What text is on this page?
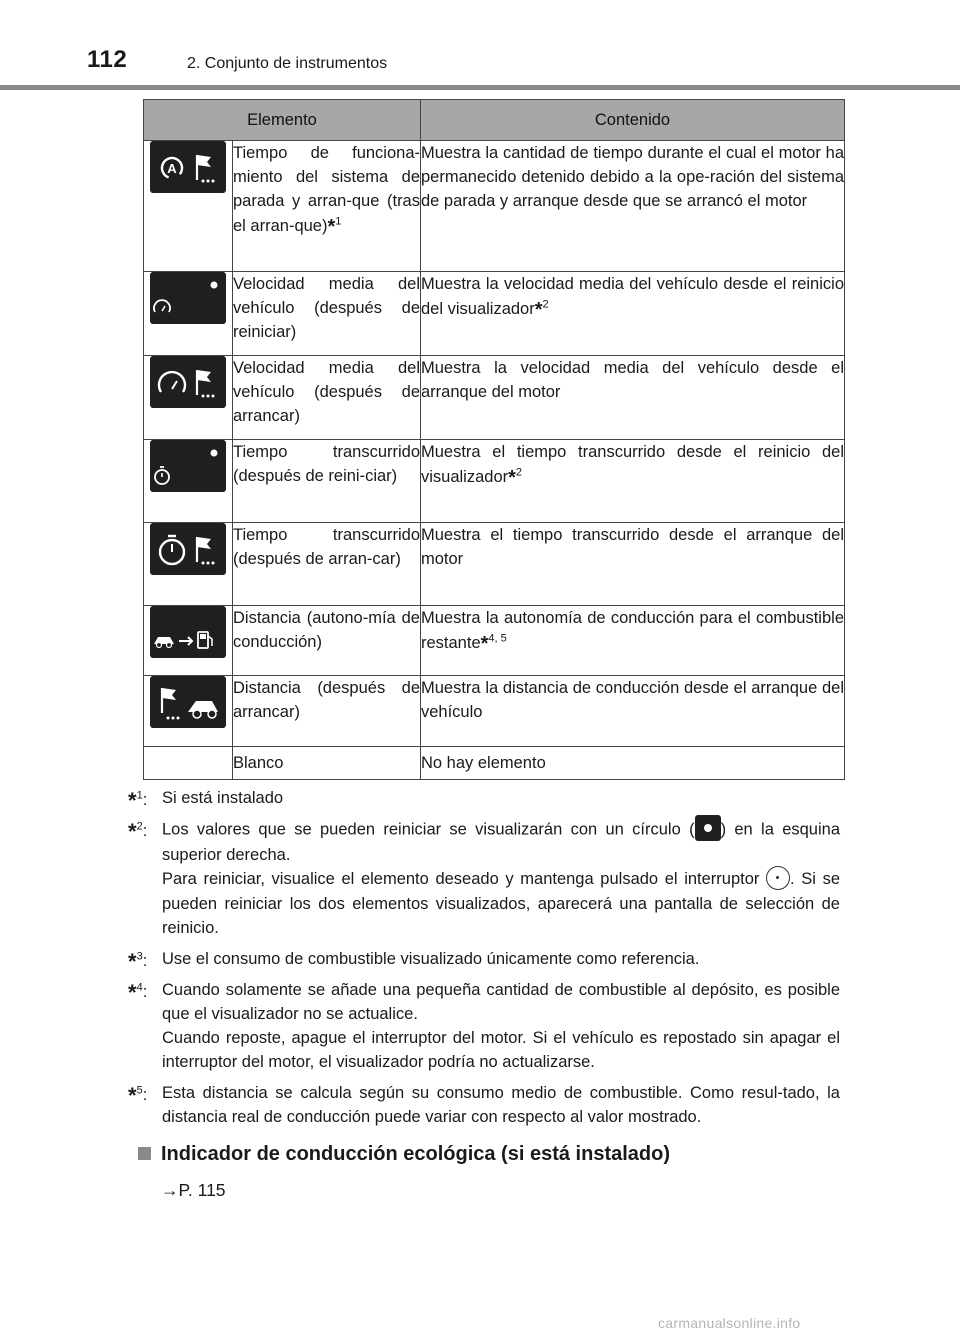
112	2. Conjunto de instrumentos
Elemento		Contenido

A	Tiempo de funciona-miento del sistema de parada y arran-que (tras el arran-que)*$^1$	Muestra la cantidad de tiempo durante el cual el motor ha permanecido detenido debido a la ope-ración del sistema de parada y arranque desde que se arrancó el motor

	Velocidad media del vehículo (después de reiniciar)	Muestra la velocidad media del vehículo desde el reinicio del visualizador*$^2$

	Velocidad media del vehículo (después de arrancar)	Muestra la velocidad media del vehículo desde el arranque del motor

	Tiempo transcurrido (después de reini-ciar)	Muestra el tiempo transcurrido desde el reinicio del visualizador*$^2$

	Tiempo transcurrido (después de arran-car)	Muestra el tiempo transcurrido desde el arranque del motor

	Distancia (autono-mía de conducción)	Muestra la autonomía de conducción para el combustible restante*$^{4, 5}$

	Distancia (después de arrancar)	Muestra la distancia de conducción desde el arranque del vehículo
	Blanco	No hay elemento
*$^1$: Si está instalado
*$^2$: Los valores que se pueden reiniciar se visualizarán con un círculo ( ) en la esquina superior derecha.
Para reiniciar, visualice el elemento deseado y mantenga pulsado el interruptor . Si se pueden reiniciar los dos elementos visualizados, aparecerá una pantalla de selección de reinicio.
*$^3$: Use el consumo de combustible visualizado únicamente como referencia.
*$^4$: Cuando solamente se añade una pequeña cantidad de combustible al depósito, es posible que el visualizador no se actualice.
Cuando reposte, apague el interruptor del motor. Si el vehículo es repostado sin apagar el interruptor del motor, el visualizador podría no actualizarse.
*$^5$: Esta distancia se calcula según su consumo medio de combustible. Como resul-tado, la distancia real de conducción puede variar con respecto al valor mostrado.
Indicador de conducción ecológica (si está instalado)
→P. 115
carmanualsonline.info
